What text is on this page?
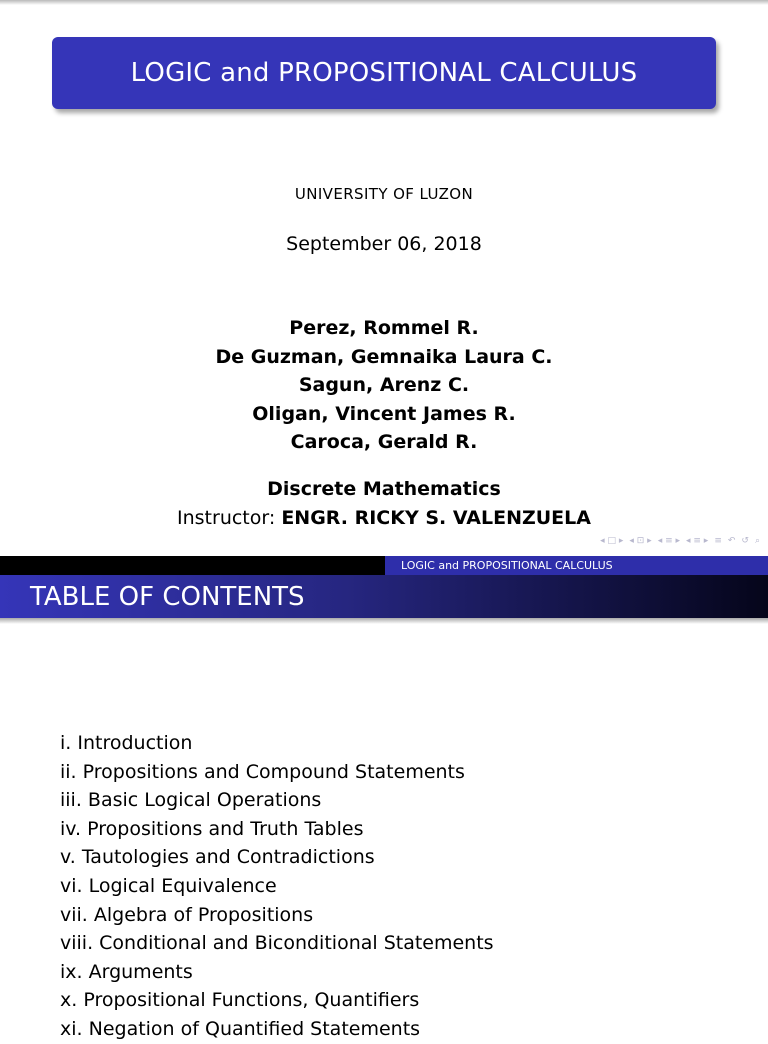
LOGIC and PROPOSITIONAL CALCULUS
UNIVERSITY OF LUZON
September 06, 2018
Perez, Rommel R.
De Guzman, Gemnaika Laura C.
Sagun, Arenz C.
Oligan, Vincent James R.
Caroca, Gerald R.
Discrete Mathematics
Instructor: ENGR. RICKY S. VALENZUELA
◂ □ ▸ ◂ ⊡ ▸ ◂ ≡ ▸ ◂ ≡ ▸ ≡ ↶ ↺ ⌕
LOGIC and PROPOSITIONAL CALCULUS
TABLE OF CONTENTS
i. Introduction
ii. Propositions and Compound Statements
iii. Basic Logical Operations
iv. Propositions and Truth Tables
v. Tautologies and Contradictions
vi. Logical Equivalence
vii. Algebra of Propositions
viii. Conditional and Biconditional Statements
ix. Arguments
x. Propositional Functions, Quantifiers
xi. Negation of Quantified Statements
